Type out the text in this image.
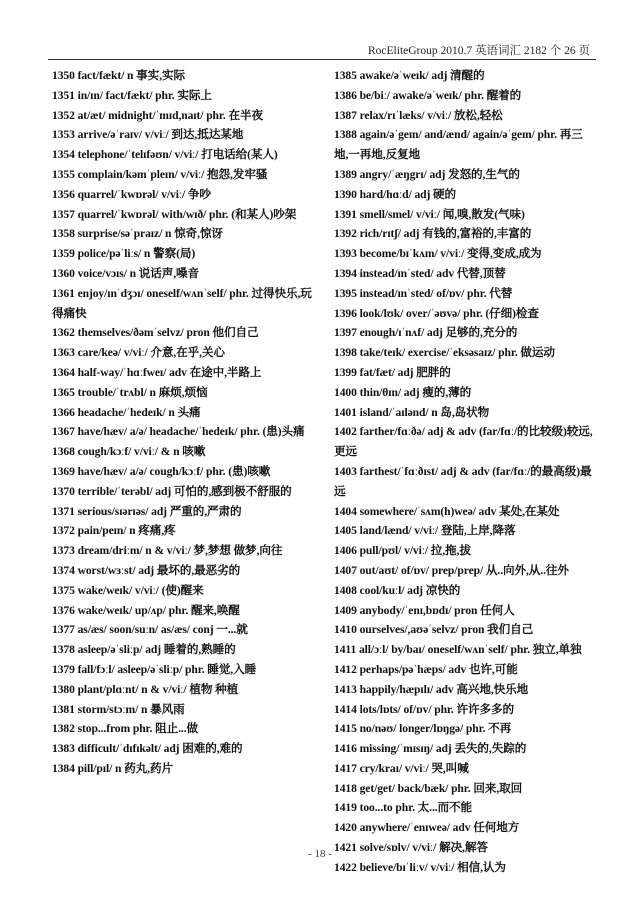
RocEliteGroup 2010.7 英语词汇 2182 个 26 页

1350 fact/fækt/ n 事实,实际

1351 in/ɪn/ fact/fækt/ phr. 实际上

1352 at/æt/ midnight/ˈmɪd,naɪt/ phr. 在半夜

1353 arrive/əˈraɪv/ v/viː/ 到达,抵达某地

1354 telephone/ˈtelɪfəʊn/ v/viː/ 打电话给(某人)

1355 complain/kəmˈpleɪn/ v/viː/ 抱怨,发牢骚

1356 quarrel/ˈkwɒrəl/ v/viː/ 争吵

1357 quarrel/ˈkwɒrəl/ with/wɪð/ phr. (和某人)吵架

1358 surprise/səˈpraɪz/ n 惊奇,惊讶

1359 police/pəˈliːs/ n 警察(局)

1360 voice/vɔɪs/ n 说话声,嗓音

1361 enjoy/ɪnˈdʒɔɪ/ oneself/wʌnˈself/ phr. 过得快乐,玩得痛快

1362 themselves/ðəmˈselvz/ pron 他们自己

1363 care/keə/ v/viː/ 介意,在乎,关心

1364 half-way/ˈhɑːfweɪ/ adv 在途中,半路上

1365 trouble/ˈtrʌbl/ n 麻烦,烦恼

1366 headache/ˈhedeɪk/ n 头痛

1367 have/hæv/ a/ə/ headache/ˈhedeɪk/ phr. (患)头痛

1368 cough/kɔːf/ v/viː/ & n 咳嗽

1369 have/hæv/ a/ə/ cough/kɔːf/ phr. (患)咳嗽

1370 terrible/ˈterəbl/ adj 可怕的,感到极不舒服的

1371 serious/sɪərɪəs/ adj 严重的,严肃的

1372 pain/peɪn/ n 疼痛,疼

1373 dream/driːm/ n & v/viː/ 梦,梦想 做梦,向往

1374 worst/wɜːst/ adj 最坏的,最恶劣的

1375 wake/weɪk/ v/viː/ (使)醒来

1376 wake/weɪk/ up/ʌp/ phr. 醒来,唤醒

1377 as/æs/ soon/suːn/ as/æs/ conj 一...就

1378 asleep/əˈsliːp/ adj 睡着的,熟睡的

1379 fall/fɔːl/ asleep/əˈsliːp/ phr. 睡觉,入睡

1380 plant/plɑːnt/ n & v/viː/ 植物 种植

1381 storm/stɔːm/ n 暴风雨

1382 stop...from phr. 阻止...做

1383 difficult/ˈdɪfɪkəlt/ adj 困难的,难的

1384 pill/pɪl/ n 药丸,药片

1385 awake/əˈweɪk/ adj 清醒的

1386 be/biː/ awake/əˈweɪk/ phr. 醒着的

1387 relax/rɪˈlæks/ v/viː/ 放松,轻松

1388 again/əˈgeɪn/ and/ænd/ again/əˈgeɪn/ phr. 再三地,一再地,反复地

1389 angry/ˈæŋgrɪ/ adj 发怒的,生气的

1390 hard/hɑːd/ adj 硬的

1391 smell/smel/ v/viː/ 闻,嗅,散发(气味)

1392 rich/rɪtʃ/ adj 有钱的,富裕的,丰富的

1393 become/bɪˈkʌm/ v/viː/ 变得,变成,成为

1394 instead/ɪnˈsted/ adv 代替,顶替

1395 instead/ɪnˈsted/ of/ɒv/ phr. 代替

1396 look/lʊk/ over/ˈəʊvə/ phr. (仔细)检查

1397 enough/ɪˈnʌf/ adj 足够的,充分的

1398 take/teɪk/ exercise/ˈeksəsaɪz/ phr. 做运动

1399 fat/fæt/ adj 肥胖的

1400 thin/θɪn/ adj 瘦的,薄的

1401 island/ˈaɪlənd/ n 岛,岛状物

1402 farther/fɑːðə/ adj & adv (far/fɑː/的比较级)较远,更远

1403 farthest/ˈfɑːðɪst/ adj & adv (far/fɑː/的最高级)最远

1404 somewhere/ˈsʌm(h)weə/ adv 某处,在某处

1405 land/lænd/ v/viː/ 登陆,上岸,降落

1406 pull/pʊl/ v/viː/ 拉,拖,拔

1407 out/aʊt/ of/ɒv/ prep/prep/ 从..向外,从..往外

1408 cool/kuːl/ adj 凉快的

1409 anybody/ˈenɪ,bɒdɪ/ pron 任何人

1410 ourselves/,aʊəˈselvz/ pron 我们自己

1411 all/ɔːl/ by/baɪ/ oneself/wʌnˈself/ phr. 独立,单独

1412 perhaps/pəˈhæps/ adv 也许,可能

1413 happily/hæpɪlɪ/ adv 高兴地,快乐地

1414 lots/lɒts/ of/ɒv/ phr. 许许多多的

1415 no/nəʊ/ longer/lɒŋgə/ phr. 不再

1416 missing/ˈmɪsɪŋ/ adj 丢失的,失踪的

1417 cry/kraɪ/ v/viː/ 哭,叫喊

1418 get/get/ back/bæk/ phr. 回来,取回

1419 too...to phr. 太...而不能

1420 anywhere/ˈenɪweə/ adv 任何地方

1421 solve/sɒlv/ v/viː/ 解决,解答

1422 believe/bɪˈliːv/ v/viː/ 相信,认为

- 18 -
